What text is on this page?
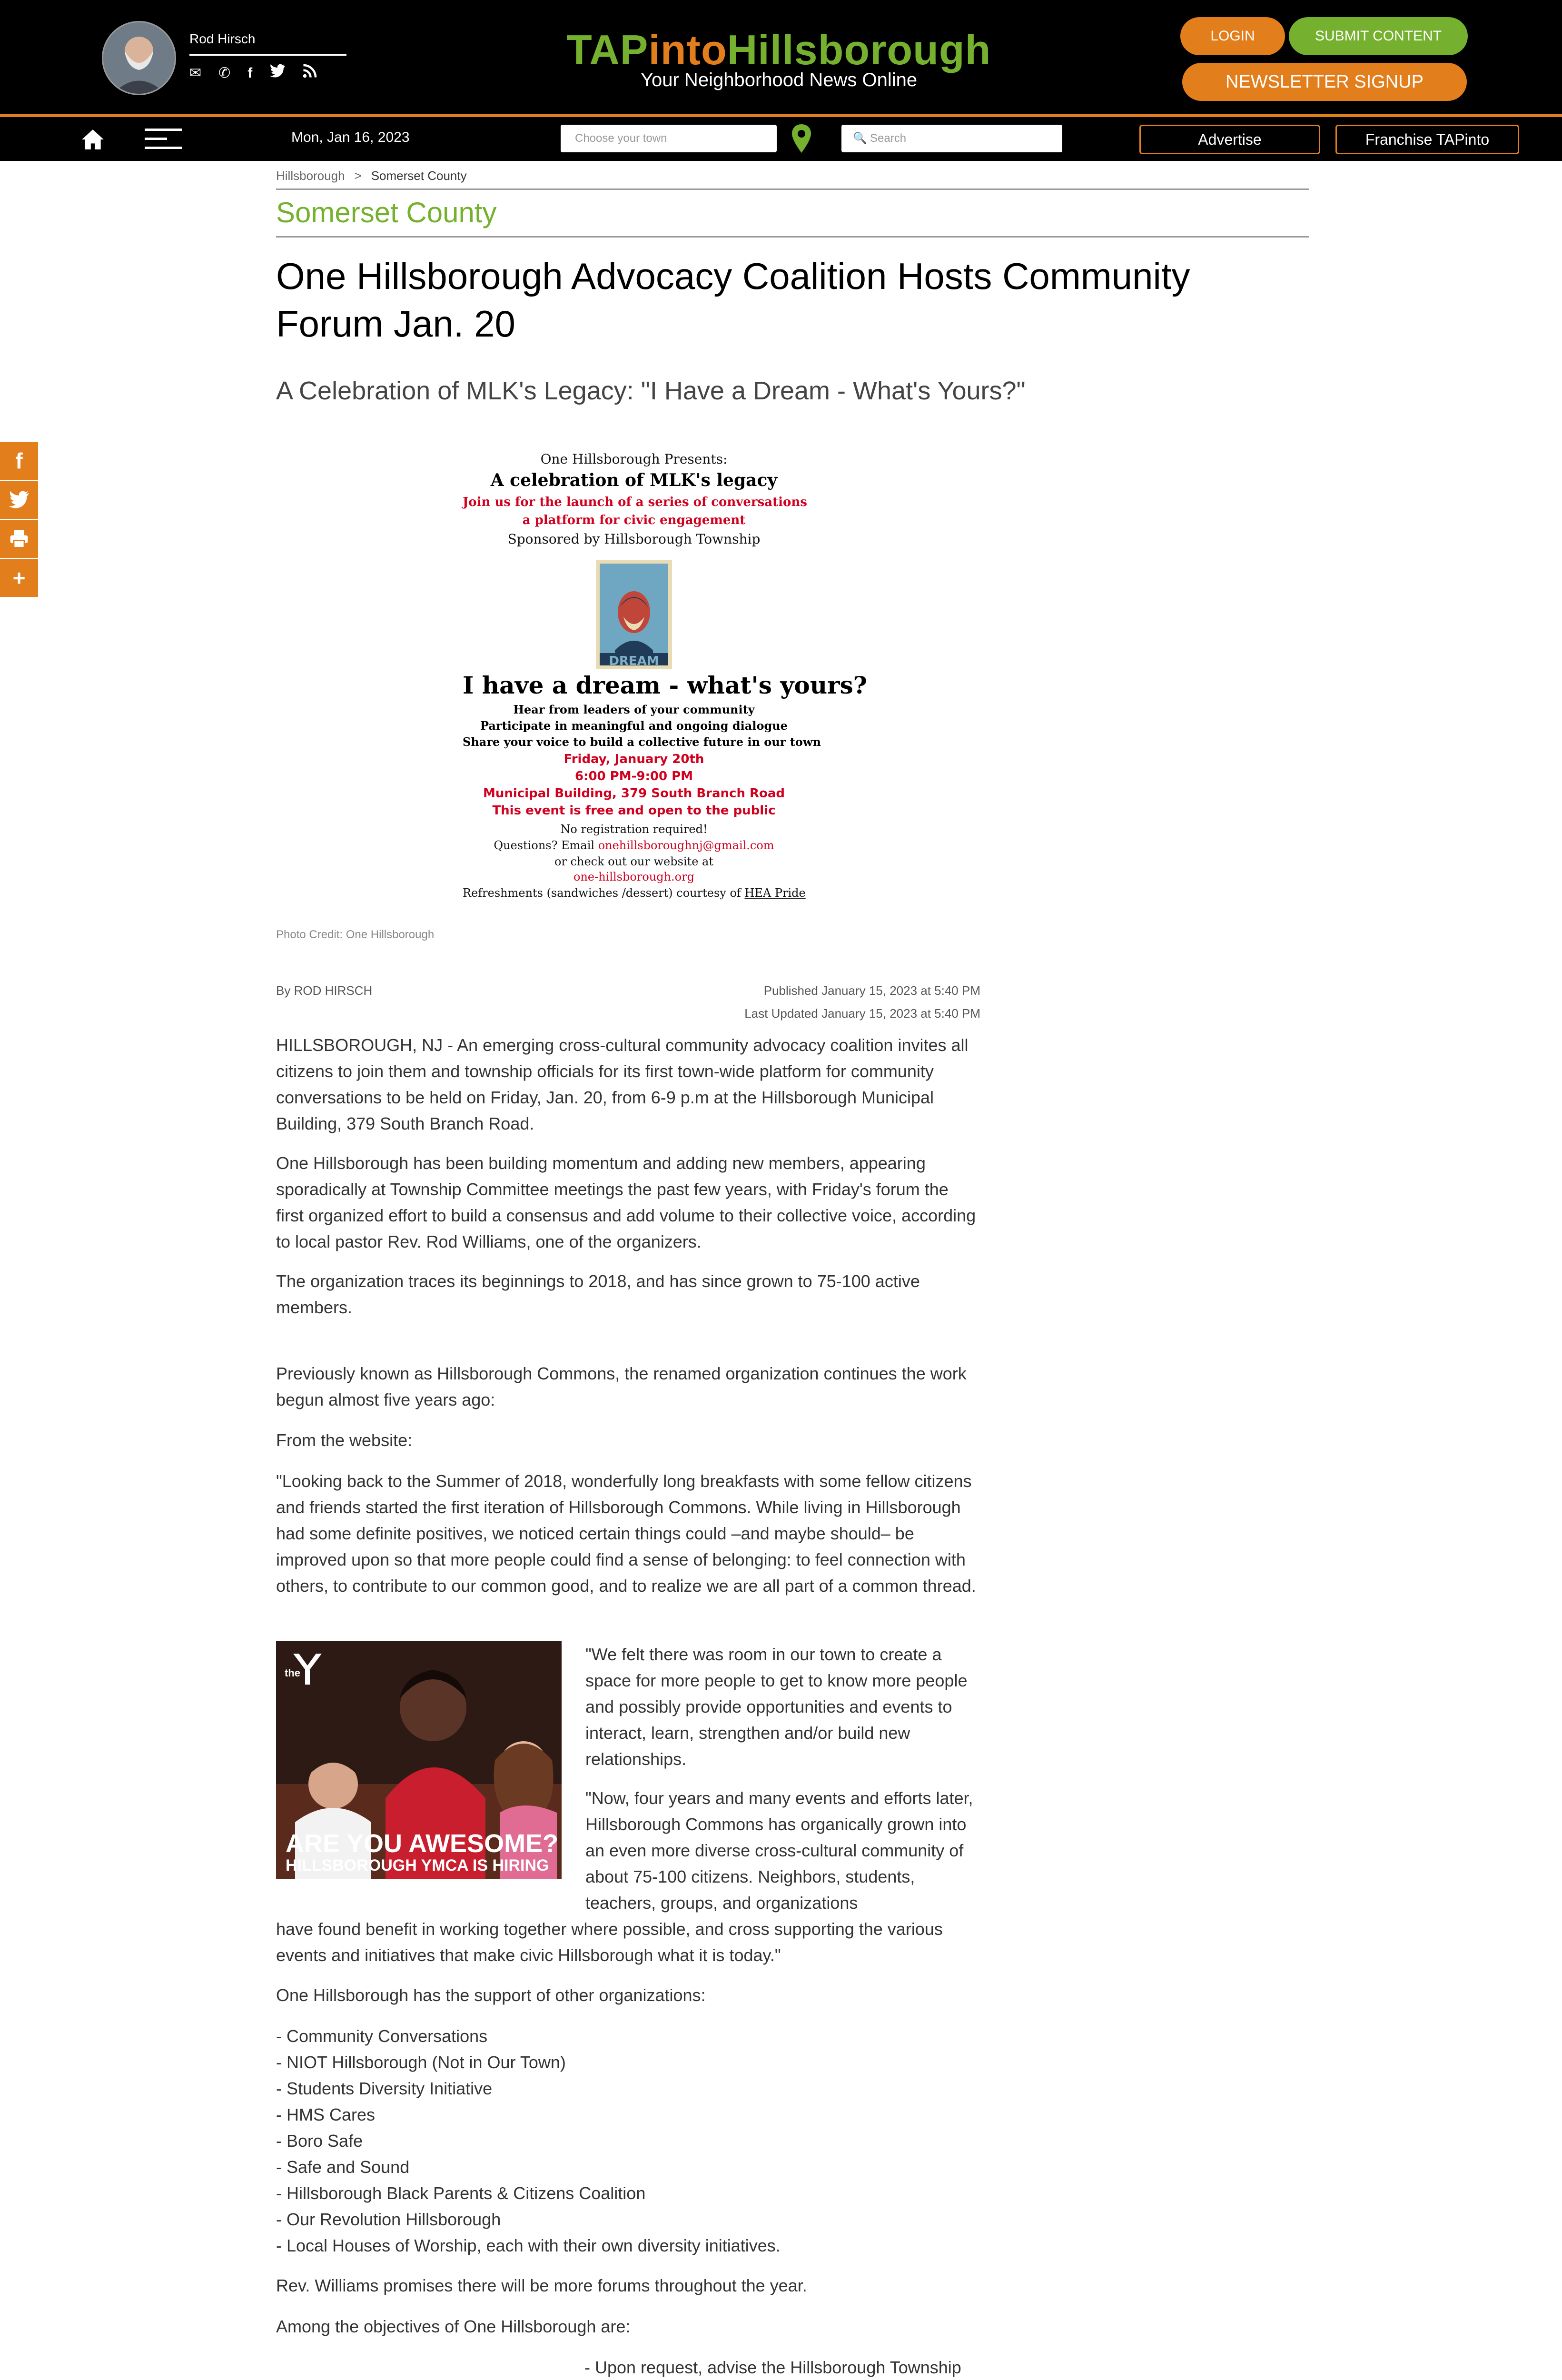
Rod Hirsch
✉ ✆ f	TAPintoHillsborough
Your Neighborhood News Online
LOGIN	SUBMIT CONTENT
NEWSLETTER SIGNUP
Mon, Jan 16, 2023	Choose your town	🔍 Search	Advertise	Franchise TAPinto
Hillsborough > Somerset County
Somerset County
One Hillsborough Advocacy Coalition Hosts Community Forum Jan. 20
A Celebration of MLK's Legacy: "I Have a Dream - What's Yours?"
f
+
One Hillsborough Presents:
A celebration of MLK's legacy
Join us for the launch of a series of conversations
a platform for civic engagement
Sponsored by Hillsborough Township
DREAM
I have a dream - what's yours?
Hear from leaders of your community
Participate in meaningful and ongoing dialogue
Share your voice to build a collective future in our town
Friday, January 20th
6:00 PM-9:00 PM
Municipal Building, 379 South Branch Road
This event is free and open to the public
No registration required!
Questions? Email onehillsboroughnj@gmail.com
or check out our website at
one-hillsborough.org
Refreshments (sandwiches /dessert) courtesy of HEA Pride
Photo Credit: One Hillsborough
By ROD HIRSCH	Published January 15, 2023 at 5:40 PM
Last Updated January 15, 2023 at 5:40 PM

HILLSBOROUGH, NJ - An emerging cross-cultural community advocacy coalition invites all citizens to join them and township officials for its first town-wide platform for community conversations to be held on Friday, Jan. 20, from 6-9 p.m at the Hillsborough Municipal Building, 379 South Branch Road.

One Hillsborough has been building momentum and adding new members, appearing sporadically at Township Committee meetings the past few years, with Friday's forum the first organized effort to build a consensus and add volume to their collective voice, according to local pastor Rev. Rod Williams, one of the organizers.

The organization traces its beginnings to 2018, and has since grown to 75-100 active members.

Previously known as Hillsborough Commons, the renamed organization continues the work begun almost five years ago:

From the website:

"Looking back to the Summer of 2018, wonderfully long breakfasts with some fellow citizens and friends started the first iteration of Hillsborough Commons. While living in Hillsborough had some definite positives, we noticed certain things could –and maybe should– be improved upon so that more people could find a sense of belonging: to feel connection with others, to contribute to our common good, and to realize we are all part of a common thread.

the
ARE YOU AWESOME?
HILLSBOROUGH YMCA IS HIRING

"We felt there was room in our town to create a space for more people to get to know more people and possibly provide opportunities and events to interact, learn, strengthen and/or build new relationships.

"Now, four years and many events and efforts later, Hillsborough Commons has organically grown into an even more diverse cross-cultural community of about 75-100 citizens. Neighbors, students, teachers, groups, and organizations

have found benefit in working together where possible, and cross supporting the various events and initiatives that make civic Hillsborough what it is today."

One Hillsborough has the support of other organizations:

- Community Conversations
- NIOT Hillsborough (Not in Our Town)
- Students Diversity Initiative
- HMS Cares
- Boro Safe
- Safe and Sound
- Hillsborough Black Parents & Citizens Coalition
- Our Revolution Hillsborough
- Local Houses of Worship, each with their own diversity initiatives.

Rev. Williams promises there will be more forums throughout the year.

Among the objectives of One Hillsborough are:

- Upon request, advise the Hillsborough Township
